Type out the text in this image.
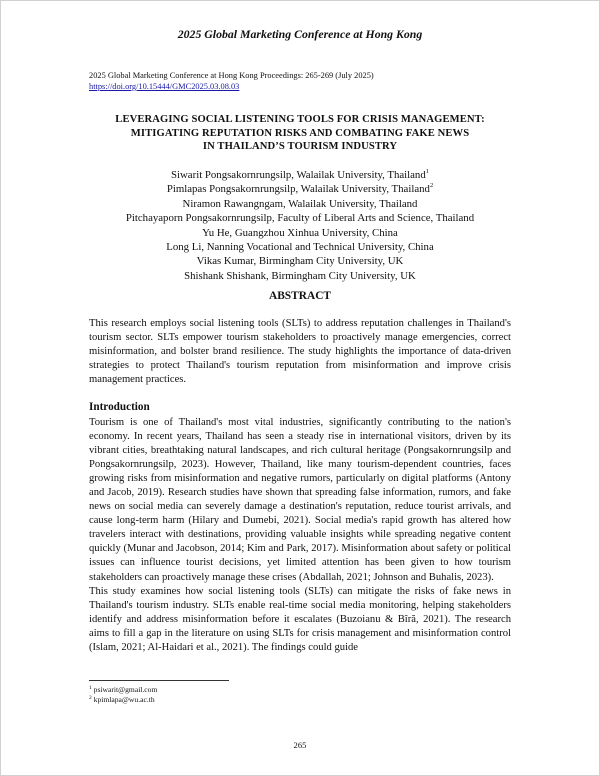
2025 Global Marketing Conference at Hong Kong
2025 Global Marketing Conference at Hong Kong Proceedings: 265-269 (July 2025)
https://doi.org/10.15444/GMC2025.03.08.03
LEVERAGING SOCIAL LISTENING TOOLS FOR CRISIS MANAGEMENT:
MITIGATING REPUTATION RISKS AND COMBATING FAKE NEWS
IN THAILAND’S TOURISM INDUSTRY
Siwarit Pongsakornrungsilp, Walailak University, Thailand$^1$
Pimlapas Pongsakornrungsilp, Walailak University, Thailand$^2$
Niramon Rawangngam, Walailak University, Thailand
Pitchayaporn Pongsakornrungsilp, Faculty of Liberal Arts and Science, Thailand
Yu He, Guangzhou Xinhua University, China
Long Li, Nanning Vocational and Technical University, China
Vikas Kumar, Birmingham City University, UK
Shishank Shishank, Birmingham City University, UK
ABSTRACT
This research employs social listening tools (SLTs) to address reputation challenges in Thailand's tourism sector. SLTs empower tourism stakeholders to proactively manage emergencies, correct misinformation, and bolster brand resilience. The study highlights the importance of data-driven strategies to protect Thailand's tourism reputation from misinformation and improve crisis management practices.
Introduction

Tourism is one of Thailand's most vital industries, significantly contributing to the nation's economy. In recent years, Thailand has seen a steady rise in international visitors, driven by its vibrant cities, breathtaking natural landscapes, and rich cultural heritage (Pongsakornrungsilp and Pongsakornrungsilp, 2023). However, Thailand, like many tourism-dependent countries, faces growing risks from misinformation and negative rumors, particularly on digital platforms (Antony and Jacob, 2019). Research studies have shown that spreading false information, rumors, and fake news on social media can severely damage a destination's reputation, reduce tourist arrivals, and cause long-term harm (Hilary and Dumebi, 2021). Social media's rapid growth has altered how travelers interact with destinations, providing valuable insights while spreading negative content quickly (Munar and Jacobson, 2014; Kim and Park, 2017). Misinformation about safety or political issues can influence tourist decisions, yet limited attention has been given to how tourism stakeholders can proactively manage these crises (Abdallah, 2021; Johnson and Buhalis, 2023).

This study examines how social listening tools (SLTs) can mitigate the risks of fake news in Thailand's tourism industry. SLTs enable real-time social media monitoring, helping stakeholders identify and address misinformation before it escalates (Buzoianu & Bîră, 2021). The research aims to fill a gap in the literature on using SLTs for crisis management and misinformation control (Islam, 2021; Al-Haidari et al., 2021). The findings could guide

$^1$ psiwarit@gmail.com
$^2$ kpimlapa@wu.ac.th
265
